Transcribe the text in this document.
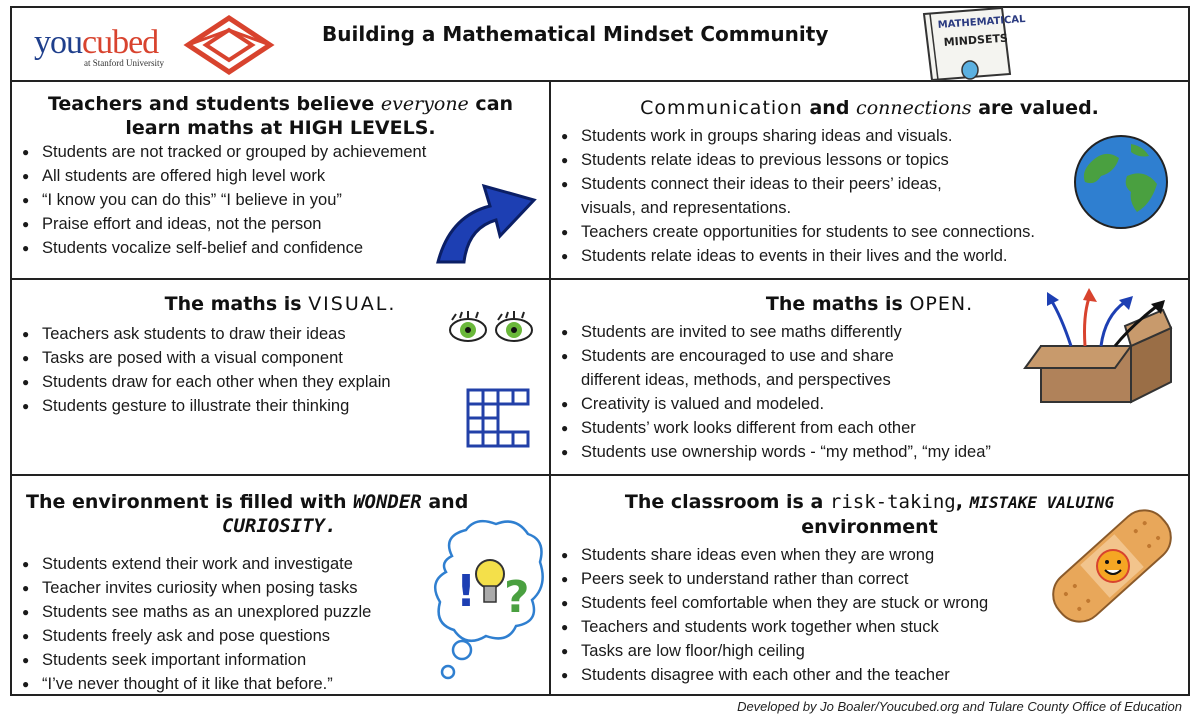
youcubed
at Stanford University
Building a Mathematical Mindset Community	MATHEMATICAL
MINDSETS
Teachers and students believe everyone can
learn maths at HIGH LEVELS.
● Students are not tracked or grouped by achievement
● All students are offered high level work
● “I know you can do this” “I believe in you”
● Praise effort and ideas, not the person
● Students vocalize self-belief and confidence
Communication and connections are valued.
● Students work in groups sharing ideas and visuals.
● Students relate ideas to previous lessons or topics
● Students connect their ideas to their peers’ ideas,
visuals, and representations.
● Teachers create opportunities for students to see connections.
● Students relate ideas to events in their lives and the world.
The maths is VISUAL.
● Teachers ask students to draw their ideas
● Tasks are posed with a visual component
● Students draw for each other when they explain
● Students gesture to illustrate their thinking
The maths is OPEN.
● Students are invited to see maths differently
● Students are encouraged to use and share
different ideas, methods, and perspectives
● Creativity is valued and modeled.
● Students’ work looks different from each other
● Students use ownership words - “my method”, “my idea”
The environment is filled with WONDER and
CURIOSITY.
● Students extend their work and investigate
● Teacher invites curiosity when posing tasks
● Students see maths as an unexplored puzzle
● Students freely ask and pose questions
● Students seek important information
● “I’ve never thought of it like that before.”
! ?
The classroom is a risk-taking, MISTAKE VALUING
environment
● Students share ideas even when they are wrong
● Peers seek to understand rather than correct
● Students feel comfortable when they are stuck or wrong
● Teachers and students work together when stuck
● Tasks are low floor/high ceiling
● Students disagree with each other and the teacher
Developed by Jo Boaler/Youcubed.org and Tulare County Office of Education
